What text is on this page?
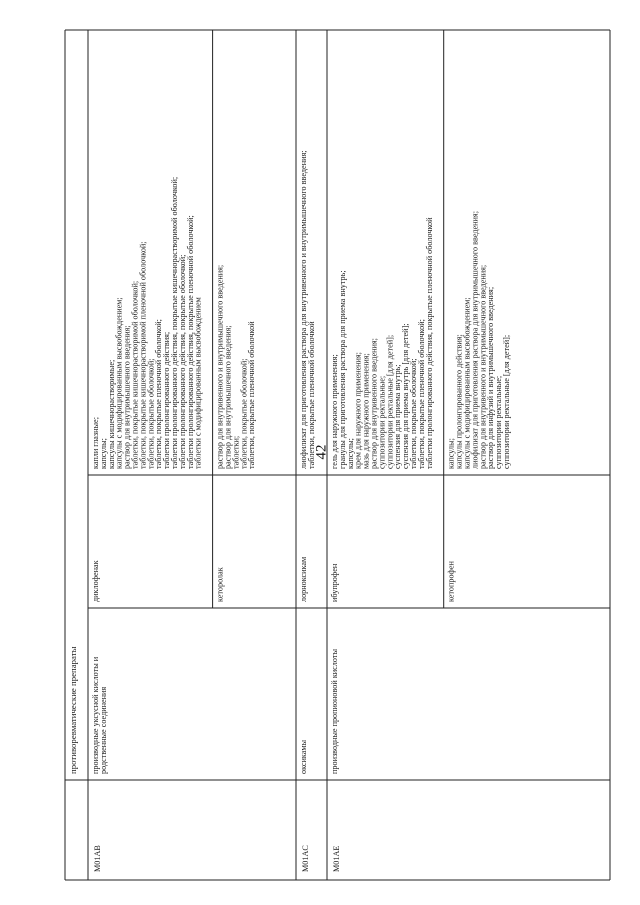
42
противоревматические препараты
M01AB
производные уксусной кислоты и
родственные соединения
диклофенак
капли глазные;
капсулы;
капсулы кишечнорастворимые;
капсулы с модифицированным высвобождением;
раствор для внутримышечного введения;
таблетки, покрытые кишечнорастворимой оболочкой;
таблетки, покрытые кишечнорастворимой пленочной оболочкой;
таблетки, покрытые оболочкой;
таблетки, покрытые пленочной оболочкой;
таблетки пролонгированного действия;
таблетки пролонгированного действия, покрытые кишечнорастворимой оболочкой;
таблетки пролонгированного действия, покрытые оболочкой;
таблетки пролонгированного действия, покрытые пленочной оболочкой;
таблетки с модифицированным высвобождением
кеторолак
раствор для внутривенного и внутримышечного введения;
раствор для внутримышечного введения;
таблетки;
таблетки, покрытые оболочкой;
таблетки, покрытые пленочной оболочкой
M01AC
оксикамы
лорноксикам
лиофилизат для приготовления раствора для внутривенного и внутримышечного введения;
таблетки, покрытые пленочной оболочкой
M01AE
производные пропионовой кислоты
ибупрофен
гель для наружного применения;
гранулы для приготовления раствора для приема внутрь;
капсулы;
крем для наружного применения;
мазь для наружного применения;
раствор для внутривенного введения;
суппозитории ректальные;
суппозитории ректальные [для детей];
суспензия для приема внутрь;
суспензия для приема внутрь [для детей];
таблетки, покрытые оболочкой;
таблетки, покрытые пленочной оболочкой;
таблетки пролонгированного действия, покрытые пленочной оболочкой
кетопрофен
капсулы;
капсулы пролонгированного действия;
капсулы с модифицированным высвобождением;
лиофилизат для приготовления раствора для внутримышечного введения;
раствор для внутривенного и внутримышечного введения;
раствор для инфузий и внутримышечного введения;
суппозитории ректальные;
суппозитории ректальные [для детей];
